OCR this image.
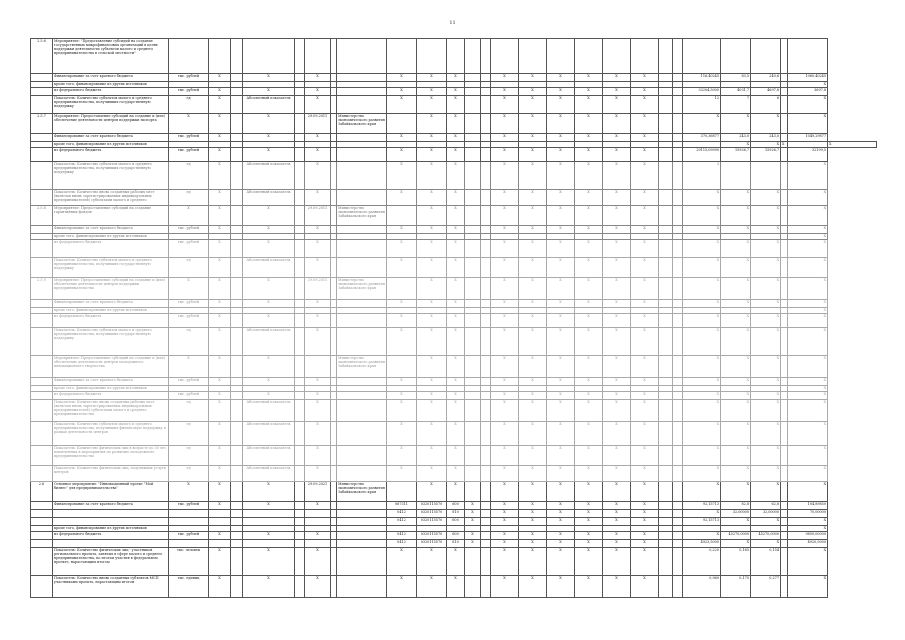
11
2.5.6	Мероприятие: "Предоставление субсидий на создание государственных микрофинансовых организаций в целях поддержки деятельности субъектов малого и среднего предпринимательства в сельской местности"																											
	Финансирование за счет краевого бюджета	тыс. рублей	X		X		X			X	X	X			X	X	X	X	X	X			116,40245	83,5	240,6		1060,40245	
	кроме того, финансирование из других источников																										X	
	из федерального бюджета	тыс. рублей	X		X		X			X	X	X			X	X	X	X	X	X			33204,5000	4031,7	4697,8		3697,8	
	Показатель: Количество субъектов малого и среднего предпринимательства, получивших государственную поддержку	ед	X		Абсолютный показатель		X			X	X	X			X	X	X	X	X	X			12	7	6		X	
2.5.7	Мероприятие: Предоставление субсидий на создание и (или) обеспечение деятельности центров поддержки экспорта	X	X		X		29.09.2011		Министерство экономического развития Забайкальского края		X	X			X	X	X	X	X	X			X	X	X		X	
	Финансирование за счет краевого бюджета	тыс. рублей	X		X		X			X	X	X			X	X	X	X	X	X			370,36877	243,0	243,0		1049,29877	
	кроме того, финансирование из других источников																							X	X	X		X
	из федерального бюджета	тыс. рублей	X		X		X			X	X	X			X	X	X	X	X	X			29115,09990	15926,7	15926,7		32199,5	
	Показатель: Количество субъектов малого и среднего предпринимательства, получивших государственную поддержку	ед	X		Абсолютный показатель		X			X	X	X			X	X	X	X	X	X			3				X	
	Показатель: Количество вновь созданных рабочих мест (включая вновь зарегистрированных индивидуальных предпринимателей) субъектами малого и среднего	ед	X		Абсолютный показатель		X			X	X	X			X	X	X	X	X	X			X	X	X		X	
2.5.8	Мероприятие: Предоставление субсидий на создание гарантийных фондов	X	X		X		29.09.2011		Министерство экономического развития Забайкальского края		X	X			X	X	X	X	X	X			X	X	X		X	
	Финансирование за счет краевого бюджета	тыс. рублей	X		X		X			X	X	X			X	X	X	X	X	X			X	X	X		X	
	кроме того, финансирование из других источников																										X	
	из федерального бюджета	тыс. рублей	X		X		X			X	X	X			X	X	X	X	X	X			X	X	X		X	
	Показатель: Количество субъектов малого и среднего предпринимательства, получивших государственную поддержку	ед	X		Абсолютный показатель		X			X	X	X			X	X	X	X	X	X			X	X	X		X	
2.5.9	Мероприятие: Предоставление субсидий на создание и (или) обеспечение деятельности центров поддержки предпринимательства	X	X		X		29.09.2011		Министерство экономического развития Забайкальского края		X	X			X	X	X	X	X	X			X	X	X		X	
	Финансирование за счет краевого бюджета	тыс. рублей	X		X		X			X	X	X			X	X	X	X	X	X			X	X	X		X	
	кроме того, финансирование из других источников																										X	
	из федерального бюджета	тыс. рублей	X		X		X			X	X	X			X	X	X	X	X	X			X	X	X		X	
	Показатель: Количество субъектов малого и среднего предпринимательства, получивших государственную поддержку	ед	X		Абсолютный показатель		X			X	X	X			X	X	X	X	X	X			X	X	X		X	
	Мероприятие: Предоставление субсидий на создание и (или) обеспечение деятельности центров молодежного инновационного творчества	X	X		X				Министерство экономического развития Забайкальского края		X	X			X	X	X	X	X	X			X	X	X		X	
	Финансирование за счет краевого бюджета	тыс. рублей	X		X		X			X	X	X			X	X	X	X	X	X			X	X	X		X	
	кроме того, финансирование из других источников																										X	
	из федерального бюджета	тыс. рублей	X		X		X			X	X	X			X	X	X	X	X	X			X	X	X		X	
	Показатель: Количество вновь созданных рабочих мест (включая вновь зарегистрированных индивидуальных предпринимателей) субъектами малого и среднего предпринимательства	ед	X		Абсолютный показатель		X			X	X	X			X	X	X	X	X	X			X	X	X		X	
	Показатель: Количество субъектов малого и среднего предпринимательства, получивших финансовую поддержку в рамках деятельности центров	ед	X		Абсолютный показатель		X			X	X	X			X	X	X	X	X	X			X	X	X		X	
	Показатель: Количество физических лиц в возрасте до 30 лет, вовлеченных в мероприятия по развитию молодежного предпринимательства	ед	X		Абсолютный показатель		X			X	X	X			X	X	X	X	X	X			X	X	X		X	
	Показатель: Количество физических лиц, получивших услуги центров	ед	X		Абсолютный показатель		X			X	X	X			X	X	X	X	X	X			X	X	X		X	
2.6	Основное мероприятие: "Инновационный проект "Мой бизнес" для предпринимательства"	X	X		X		29.09.2021		Министерство экономического развития Забайкальского края		X	X			X	X	X	X	X	X			X	X	X		X	
	Финансирование за счет краевого бюджета	тыс. рублей	X		X		X			067311	0320115570	600	X		X	X	X	X	X	X			92,15713	82,8	62,8		104,89850	
										0412	0320115570	810	X		X	X	X	X	X	X			X	32,00000	32,00000		70,00000	
										0412	0320115570	600	X		X	X	X	X	X	X			92,15713	X	X		X	
	кроме того, финансирование из других источников																										X	
	из федерального бюджета	тыс. рублей	X		X		X			0412	0320115570	600	X		X	X	X	X	X	X			X	45270,0000	45270,0000		9850,00000	
										0412	0320115570	810	X		X	X	X	X	X	X			4923,5000	X	X		4920,5000	
	Показатель: Количество физических лиц - участников регионального проекта, занятых в сфере малого и среднего предпринимательства, по итогам участия в федеральном проекте, нарастающим итогом	тыс. человек	X		X		X			X	X	X			X	X	X	X	X	X			0,220	0,165	0,154		X	
	Показатель: Количество вновь созданных субъектов МСП участниками проекта, нарастающим итогом	тыс. единиц	X		X		X			X	X	X			X	X	X	X	X	X			0,960	0,175	0,277		X	
